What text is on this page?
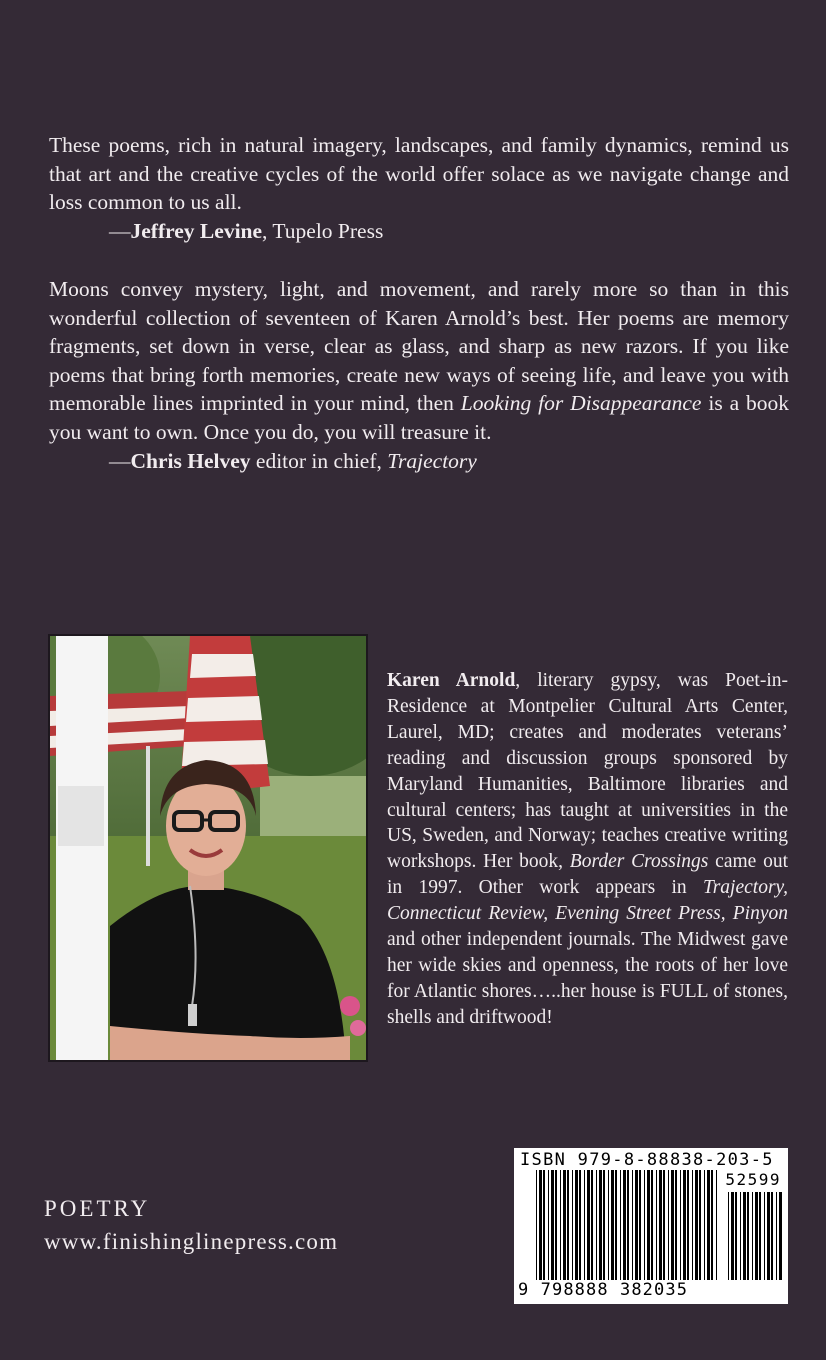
These poems, rich in natural imagery, landscapes, and family dynamics, remind us that art and the creative cycles of the world offer solace as we navigate change and loss common to us all.

—Jeffrey Levine, Tupelo Press

Moons convey mystery, light, and movement, and rarely more so than in this wonderful collection of seventeen of Karen Arnold’s best. Her poems are memory fragments, set down in verse, clear as glass, and sharp as new razors. If you like poems that bring forth memories, create new ways of seeing life, and leave you with memorable lines imprinted in your mind, then Looking for Disappearance is a book you want to own. Once you do, you will treasure it.

—Chris Helvey editor in chief, Trajectory

Karen Arnold, literary gypsy, was Poet-in-Residence at Montpelier Cultural Arts Center, Laurel, MD; creates and moderates veterans’ reading and discussion groups sponsored by Maryland Humanities, Baltimore libraries and cultural centers; has taught at universities in the US, Sweden, and Norway; teaches creative writing workshops. Her book, Border Crossings came out in 1997. Other work appears in Trajectory, Connecticut Review, Evening Street Press, Pinyon and other independent journals. The Midwest gave her wide skies and openness, the roots of her love for Atlantic shores…..her house is FULL of stones, shells and driftwood!

POETRY

www.finishinglinepress.com

ISBN 979-8-88838-203-5
52599
9 798888 382035
